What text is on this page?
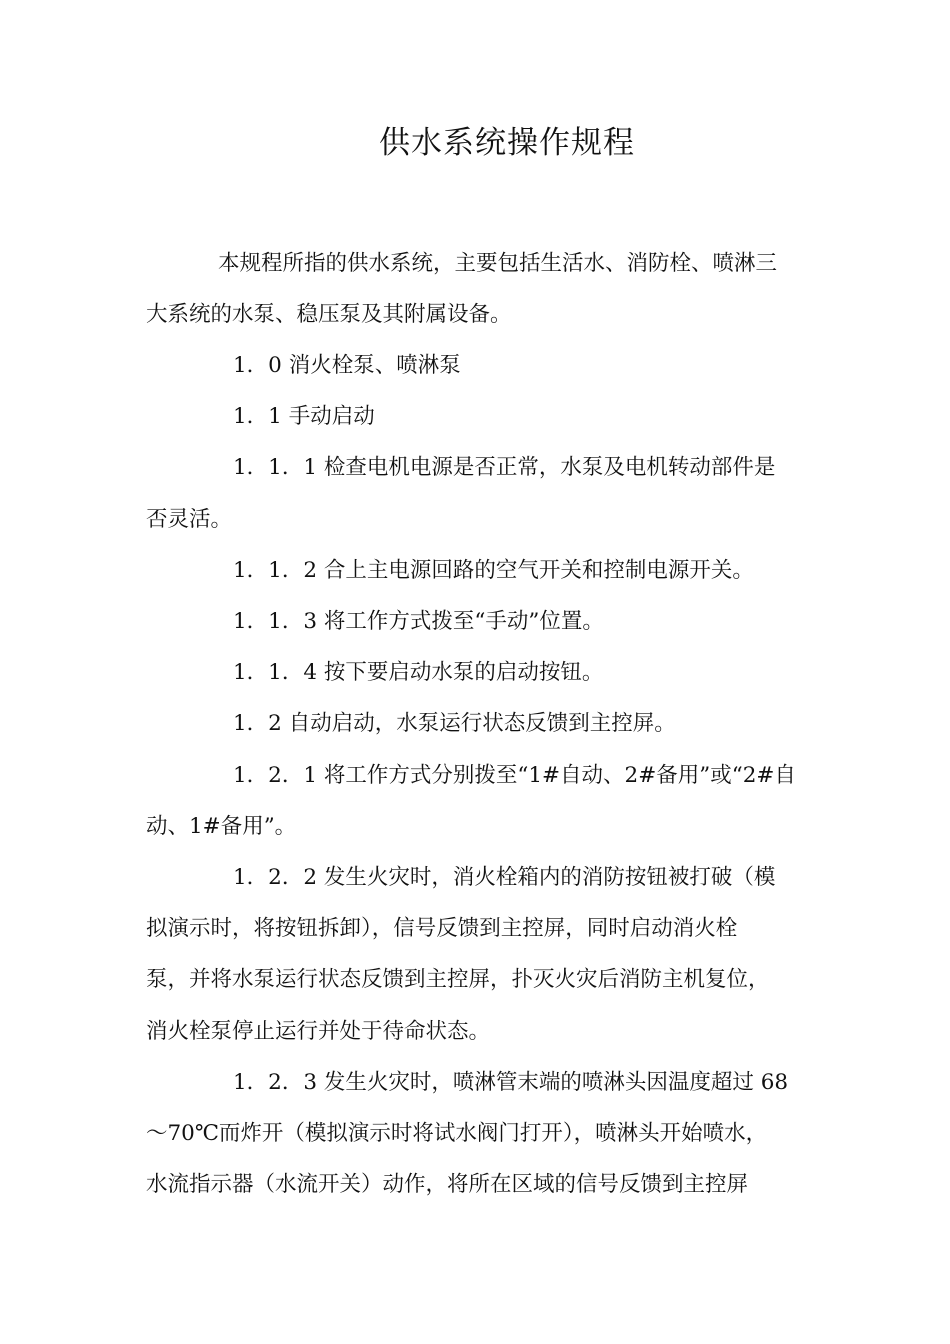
供水系统操作规程

本规程所指的供水系统，主要包括生活水、消防栓、喷淋三

大系统的水泵、稳压泵及其附属设备。

1．0 消火栓泵、喷淋泵

1．1 手动启动

1．1．1 检查电机电源是否正常，水泵及电机转动部件是

否灵活。

1．1．2 合上主电源回路的空气开关和控制电源开关。

1．1．3 将工作方式拨至“手动”位置。

1．1．4 按下要启动水泵的启动按钮。

1．2 自动启动，水泵运行状态反馈到主控屏。

1．2．1 将工作方式分别拨至“1#自动、2#备用”或“2#自

动、1#备用”。

1．2．2 发生火灾时，消火栓箱内的消防按钮被打破（模

拟演示时，将按钮拆卸），信号反馈到主控屏，同时启动消火栓

泵，并将水泵运行状态反馈到主控屏，扑灭火灾后消防主机复位，

消火栓泵停止运行并处于待命状态。

1．2．3 发生火灾时，喷淋管末端的喷淋头因温度超过 68

～70℃而炸开（模拟演示时将试水阀门打开），喷淋头开始喷水，

水流指示器（水流开关）动作，将所在区域的信号反馈到主控屏
